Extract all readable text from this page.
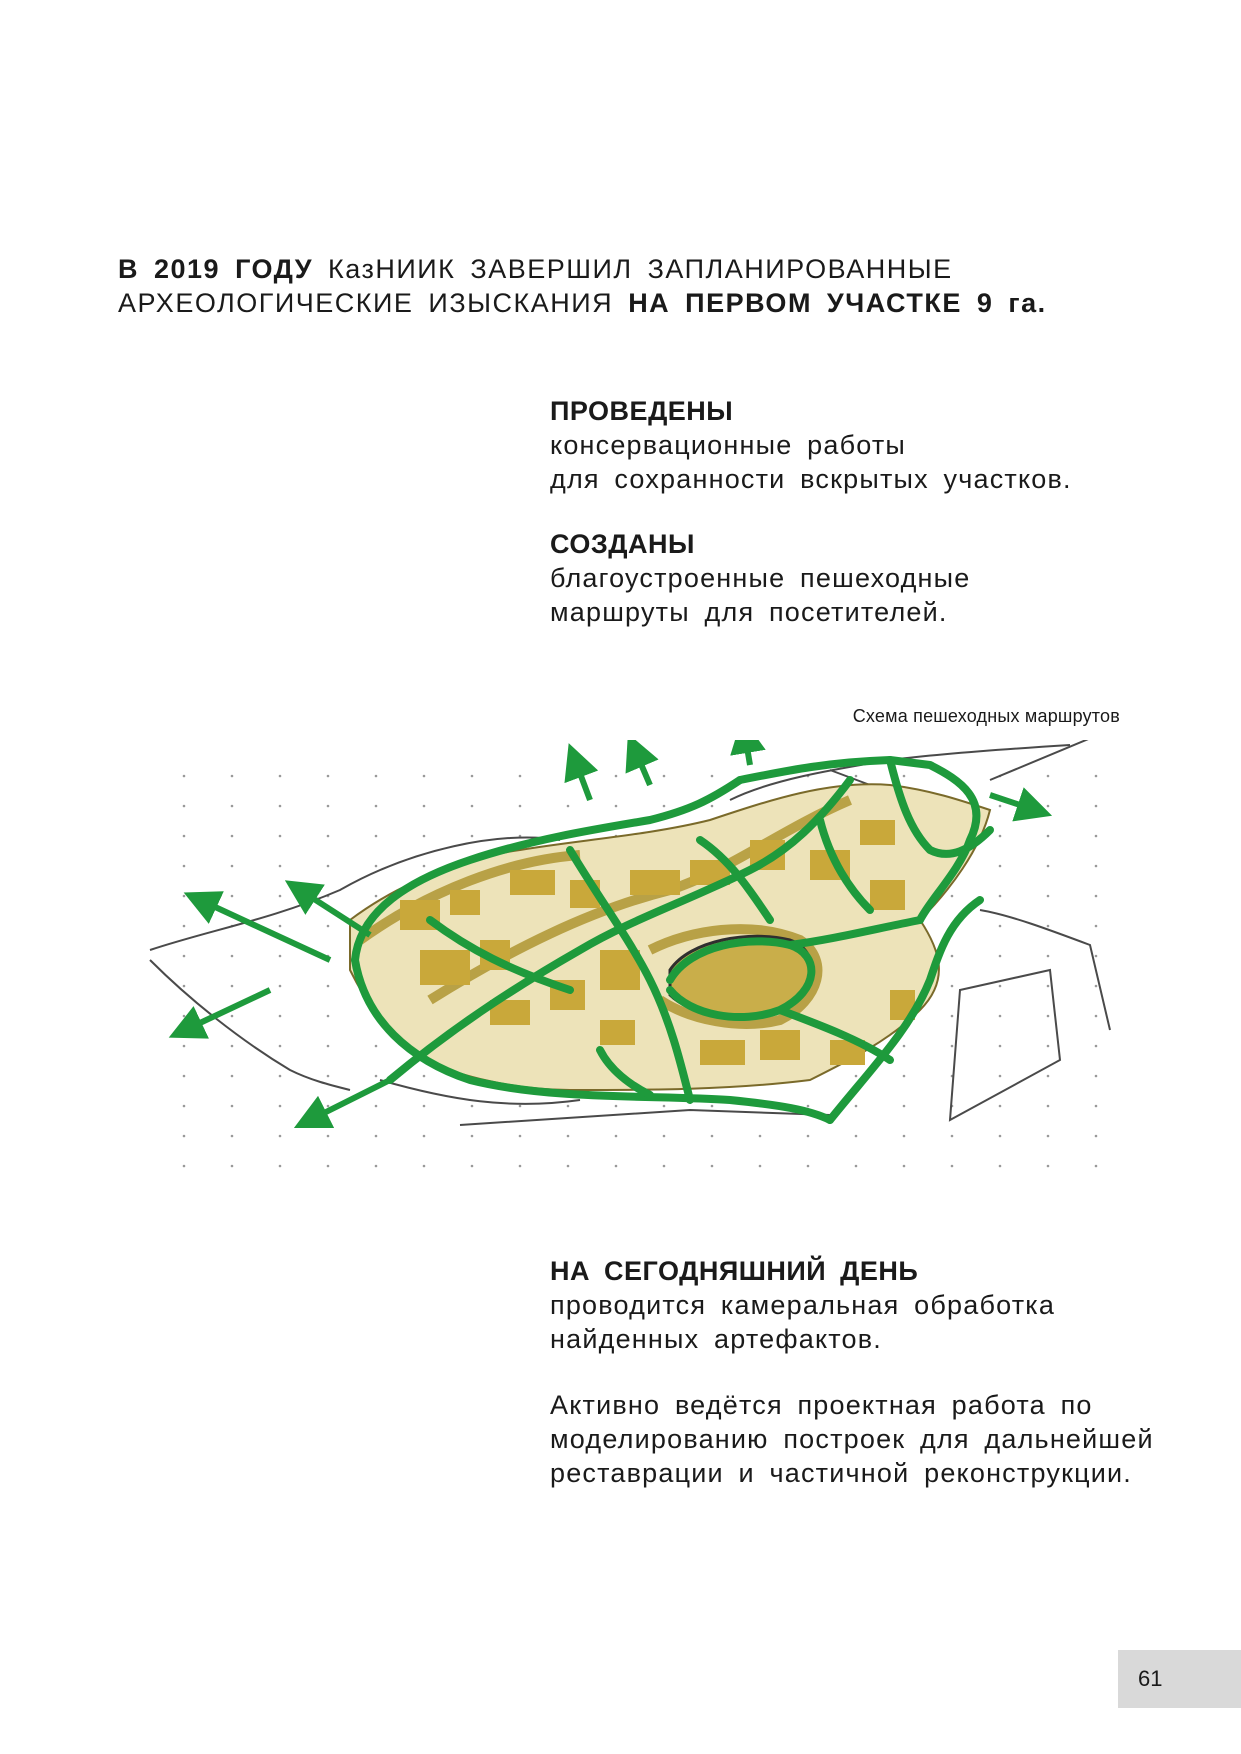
В 2019 ГОДУ КазНИИК ЗАВЕРШИЛ ЗАПЛАНИРОВАННЫЕ
АРХЕОЛОГИЧЕСКИЕ ИЗЫСКАНИЯ НА ПЕРВОМ УЧАСТКЕ 9 га.

ПРОВЕДЕНЫ

консервационные работы

для сохранности вскрытых участков.

СОЗДАНЫ

благоустроенные пешеходные

маршруты для посетителей.

Схема пешеходных маршрутов
НА СЕГОДНЯШНИЙ ДЕНЬ

проводится камеральная обработка

найденных артефактов.

Активно ведётся проектная работа по

моделированию построек для дальнейшей

реставрации и частичной реконструкции.

61
